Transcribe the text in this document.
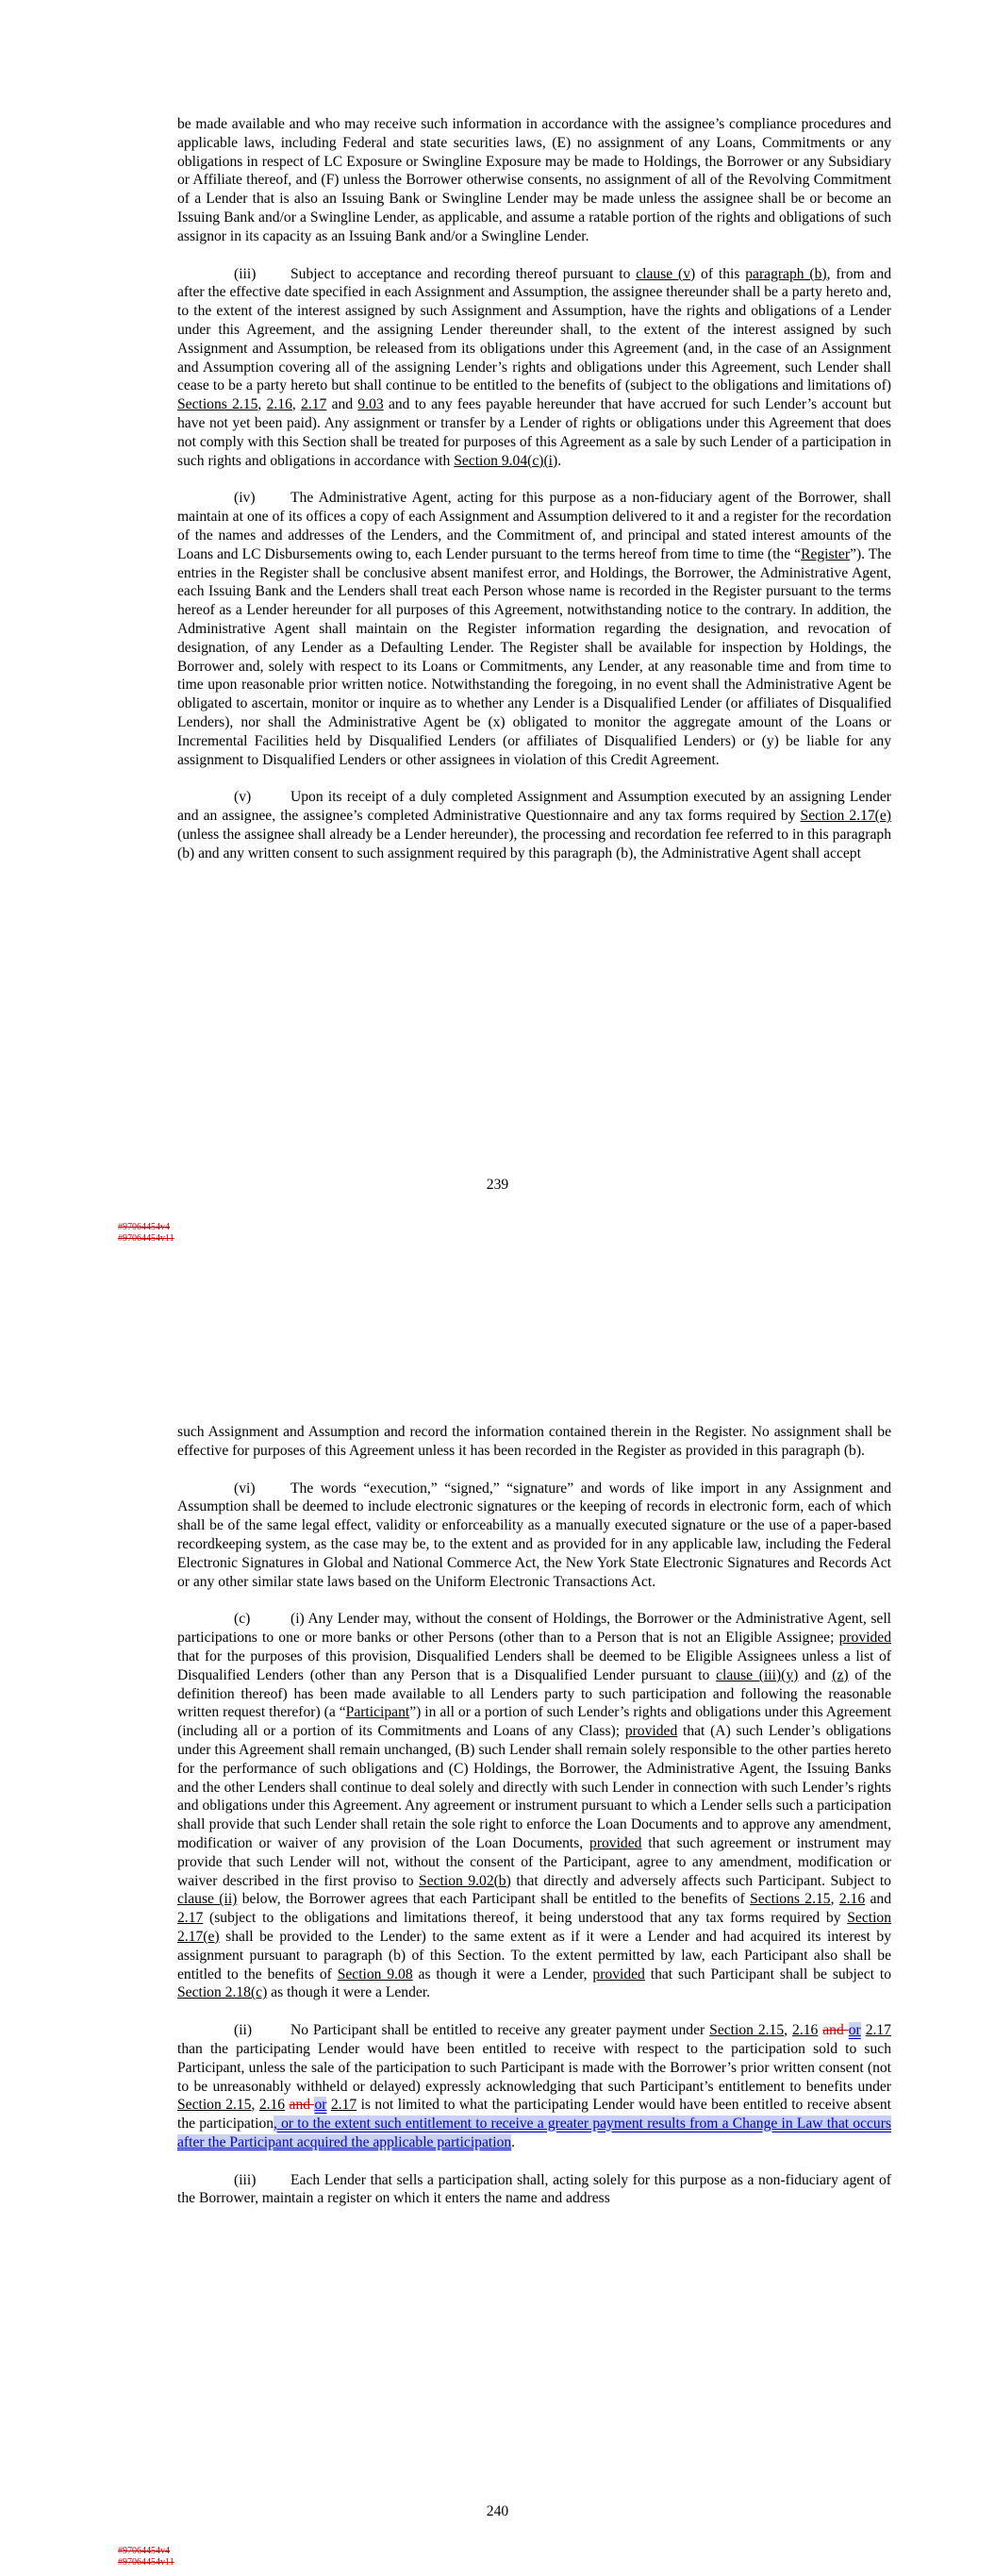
be made available and who may receive such information in accordance with the assignee’s compliance procedures and applicable laws, including Federal and state securities laws, (E) no assignment of any Loans, Commitments or any obligations in respect of LC Exposure or Swingline Exposure may be made to Holdings, the Borrower or any Subsidiary or Affiliate thereof, and (F) unless the Borrower otherwise consents, no assignment of all of the Revolving Commitment of a Lender that is also an Issuing Bank or Swingline Lender may be made unless the assignee shall be or become an Issuing Bank and/or a Swingline Lender, as applicable, and assume a ratable portion of the rights and obligations of such assignor in its capacity as an Issuing Bank and/or a Swingline Lender.

(iii) Subject to acceptance and recording thereof pursuant to clause (v) of this paragraph (b), from and after the effective date specified in each Assignment and Assumption, the assignee thereunder shall be a party hereto and, to the extent of the interest assigned by such Assignment and Assumption, have the rights and obligations of a Lender under this Agreement, and the assigning Lender thereunder shall, to the extent of the interest assigned by such Assignment and Assumption, be released from its obligations under this Agreement (and, in the case of an Assignment and Assumption covering all of the assigning Lender’s rights and obligations under this Agreement, such Lender shall cease to be a party hereto but shall continue to be entitled to the benefits of (subject to the obligations and limitations of) Sections 2.15, 2.16, 2.17 and 9.03 and to any fees payable hereunder that have accrued for such Lender’s account but have not yet been paid). Any assignment or transfer by a Lender of rights or obligations under this Agreement that does not comply with this Section shall be treated for purposes of this Agreement as a sale by such Lender of a participation in such rights and obligations in accordance with Section 9.04(c)(i).

(iv) The Administrative Agent, acting for this purpose as a non-fiduciary agent of the Borrower, shall maintain at one of its offices a copy of each Assignment and Assumption delivered to it and a register for the recordation of the names and addresses of the Lenders, and the Commitment of, and principal and stated interest amounts of the Loans and LC Disbursements owing to, each Lender pursuant to the terms hereof from time to time (the “Register”). The entries in the Register shall be conclusive absent manifest error, and Holdings, the Borrower, the Administrative Agent, each Issuing Bank and the Lenders shall treat each Person whose name is recorded in the Register pursuant to the terms hereof as a Lender hereunder for all purposes of this Agreement, notwithstanding notice to the contrary. In addition, the Administrative Agent shall maintain on the Register information regarding the designation, and revocation of designation, of any Lender as a Defaulting Lender. The Register shall be available for inspection by Holdings, the Borrower and, solely with respect to its Loans or Commitments, any Lender, at any reasonable time and from time to time upon reasonable prior written notice. Notwithstanding the foregoing, in no event shall the Administrative Agent be obligated to ascertain, monitor or inquire as to whether any Lender is a Disqualified Lender (or affiliates of Disqualified Lenders), nor shall the Administrative Agent be (x) obligated to monitor the aggregate amount of the Loans or Incremental Facilities held by Disqualified Lenders (or affiliates of Disqualified Lenders) or (y) be liable for any assignment to Disqualified Lenders or other assignees in violation of this Credit Agreement.

(v)	Upon its receipt of a duly completed Assignment and Assumption executed by an assigning Lender and an assignee, the assignee’s completed Administrative Questionnaire and any tax forms required by Section 2.17(e) (unless the assignee shall already be a Lender hereunder), the processing and recordation fee referred to in this paragraph (b) and any written consent to such assignment required by this paragraph (b), the Administrative Agent shall accept

239
#97064454v4
#97064454v11

such Assignment and Assumption and record the information contained therein in the Register. No assignment shall be effective for purposes of this Agreement unless it has been recorded in the Register as provided in this paragraph (b).

(vi) The words “execution,” “signed,” “signature” and words of like import in any Assignment and Assumption shall be deemed to include electronic signatures or the keeping of records in electronic form, each of which shall be of the same legal effect, validity or enforceability as a manually executed signature or the use of a paper-based recordkeeping system, as the case may be, to the extent and as provided for in any applicable law, including the Federal Electronic Signatures in Global and National Commerce Act, the New York State Electronic Signatures and Records Act or any other similar state laws based on the Uniform Electronic Transactions Act.

(c)	(i) Any Lender may, without the consent of Holdings, the Borrower or the Administrative Agent, sell participations to one or more banks or other Persons (other than to a Person that is not an Eligible Assignee; provided that for the purposes of this provision, Disqualified Lenders shall be deemed to be Eligible Assignees unless a list of Disqualified Lenders (other than any Person that is a Disqualified Lender pursuant to clause (iii)(y) and (z) of the definition thereof) has been made available to all Lenders party to such participation and following the reasonable written request therefor) (a “Participant”) in all or a portion of such Lender’s rights and obligations under this Agreement (including all or a portion of its Commitments and Loans of any Class); provided that (A) such Lender’s obligations under this Agreement shall remain unchanged, (B) such Lender shall remain solely responsible to the other parties hereto for the performance of such obligations and (C) Holdings, the Borrower, the Administrative Agent, the Issuing Banks and the other Lenders shall continue to deal solely and directly with such Lender in connection with such Lender’s rights and obligations under this Agreement. Any agreement or instrument pursuant to which a Lender sells such a participation shall provide that such Lender shall retain the sole right to enforce the Loan Documents and to approve any amendment, modification or waiver of any provision of the Loan Documents, provided that such agreement or instrument may provide that such Lender will not, without the consent of the Participant, agree to any amendment, modification or waiver described in the first proviso to Section 9.02(b) that directly and adversely affects such Participant. Subject to clause (ii) below, the Borrower agrees that each Participant shall be entitled to the benefits of Sections 2.15, 2.16 and 2.17 (subject to the obligations and limitations thereof, it being understood that any tax forms required by Section 2.17(e) shall be provided to the Lender) to the same extent as if it were a Lender and had acquired its interest by assignment pursuant to paragraph (b) of this Section. To the extent permitted by law, each Participant also shall be entitled to the benefits of Section 9.08 as though it were a Lender, provided that such Participant shall be subject to Section 2.18(c) as though it were a Lender.

(ii)	No Participant shall be entitled to receive any greater payment under Section 2.15, 2.16 and or 2.17 than the participating Lender would have been entitled to receive with respect to the participation sold to such Participant, unless the sale of the participation to such Participant is made with the Borrower’s prior written consent (not to be unreasonably withheld or delayed) expressly acknowledging that such Participant’s entitlement to benefits under Section 2.15, 2.16 and or 2.17 is not limited to what the participating Lender would have been entitled to receive absent the participation, or to the extent such entitlement to receive a greater payment results from a Change in Law that occurs after the Participant acquired the applicable participation.

(iii) Each Lender that sells a participation shall, acting solely for this purpose as a non-fiduciary agent of the Borrower, maintain a register on which it enters the name and address

240
#97064454v4
#97064454v11
